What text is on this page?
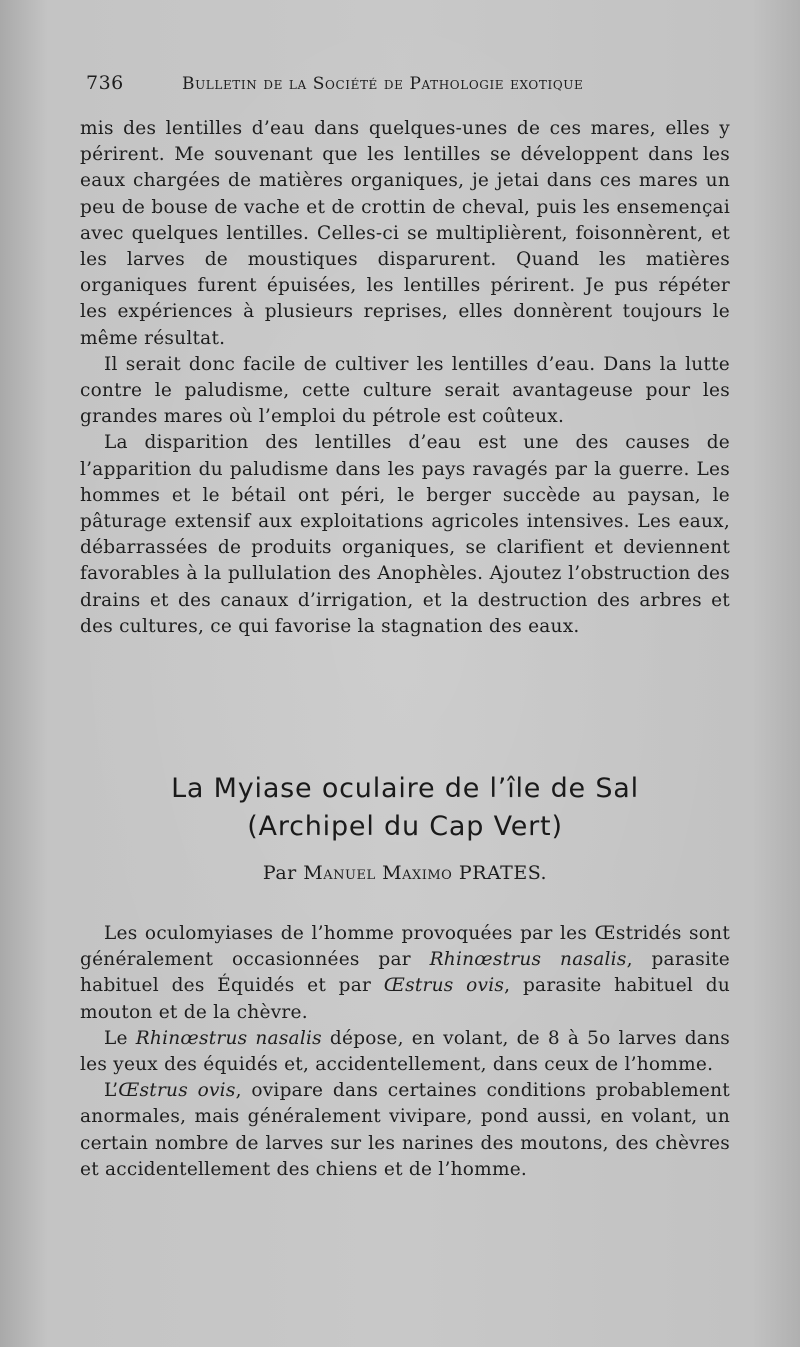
736	Bulletin de la Société de Pathologie exotique

mis des lentilles d’eau dans quelques-unes de ces mares, elles y périrent. Me souvenant que les lentilles se développent dans les eaux chargées de matières organiques, je jetai dans ces mares un peu de bouse de vache et de crottin de cheval, puis les ensemençai avec quelques lentilles. Celles-ci se multiplièrent, foisonnèrent, et les larves de moustiques disparurent. Quand les matières organiques furent épuisées, les lentilles périrent. Je pus répéter les expériences à plusieurs reprises, elles donnèrent toujours le même résultat.

Il serait donc facile de cultiver les lentilles d’eau. Dans la lutte contre le paludisme, cette culture serait avantageuse pour les grandes mares où l’emploi du pétrole est coûteux.

La disparition des lentilles d’eau est une des causes de l’apparition du paludisme dans les pays ravagés par la guerre. Les hommes et le bétail ont péri, le berger succède au paysan, le pâturage extensif aux exploitations agricoles intensives. Les eaux, débarrassées de produits organiques, se clarifient et deviennent favorables à la pullulation des Anophèles. Ajoutez l’obstruction des drains et des canaux d’irrigation, et la destruction des arbres et des cultures, ce qui favorise la stagnation des eaux.

La Myiase oculaire de l’île de Sal
(Archipel du Cap Vert)
Par Manuel Maximo PRATES.

Les oculomyiases de l’homme provoquées par les Œstridés sont généralement occasionnées par Rhinœstrus nasalis, parasite habituel des Équidés et par Œstrus ovis, parasite habituel du mouton et de la chèvre.

Le Rhinœstrus nasalis dépose, en volant, de 8 à 5o larves dans les yeux des équidés et, accidentellement, dans ceux de l’homme.

L’Œstrus ovis, ovipare dans certaines conditions probablement anormales, mais généralement vivipare, pond aussi, en volant, un certain nombre de larves sur les narines des moutons, des chèvres et accidentellement des chiens et de l’homme.
